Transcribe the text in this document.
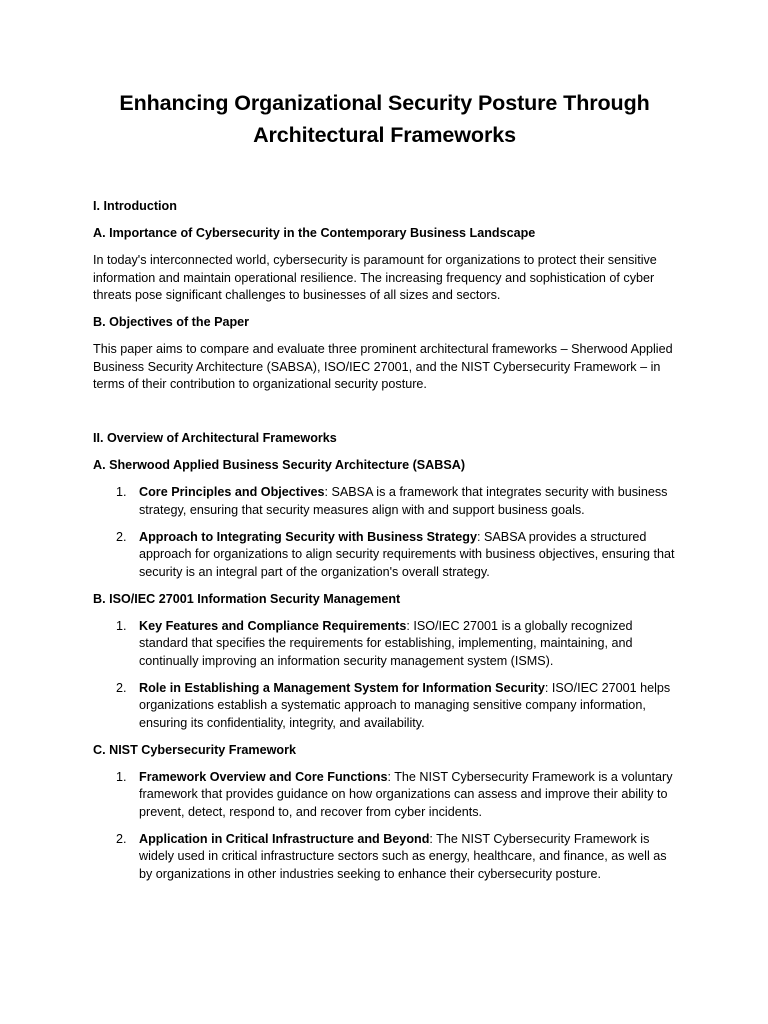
Enhancing Organizational Security Posture Through
Architectural Frameworks
I. Introduction
A. Importance of Cybersecurity in the Contemporary Business Landscape

In today's interconnected world, cybersecurity is paramount for organizations to protect their sensitive information and maintain operational resilience. The increasing frequency and sophistication of cyber threats pose significant challenges to businesses of all sizes and sectors.

B. Objectives of the Paper

This paper aims to compare and evaluate three prominent architectural frameworks – Sherwood Applied Business Security Architecture (SABSA), ISO/IEC 27001, and the NIST Cybersecurity Framework – in terms of their contribution to organizational security posture.

II. Overview of Architectural Frameworks
A. Sherwood Applied Business Security Architecture (SABSA)
1. Core Principles and Objectives: SABSA is a framework that integrates security with business strategy, ensuring that security measures align with and support business goals.
2. Approach to Integrating Security with Business Strategy: SABSA provides a structured approach for organizations to align security requirements with business objectives, ensuring that security is an integral part of the organization's overall strategy.
B. ISO/IEC 27001 Information Security Management
1. Key Features and Compliance Requirements: ISO/IEC 27001 is a globally recognized standard that specifies the requirements for establishing, implementing, maintaining, and continually improving an information security management system (ISMS).
2. Role in Establishing a Management System for Information Security: ISO/IEC 27001 helps organizations establish a systematic approach to managing sensitive company information, ensuring its confidentiality, integrity, and availability.
C. NIST Cybersecurity Framework
1. Framework Overview and Core Functions: The NIST Cybersecurity Framework is a voluntary framework that provides guidance on how organizations can assess and improve their ability to prevent, detect, respond to, and recover from cyber incidents.
2. Application in Critical Infrastructure and Beyond: The NIST Cybersecurity Framework is widely used in critical infrastructure sectors such as energy, healthcare, and finance, as well as by organizations in other industries seeking to enhance their cybersecurity posture.
